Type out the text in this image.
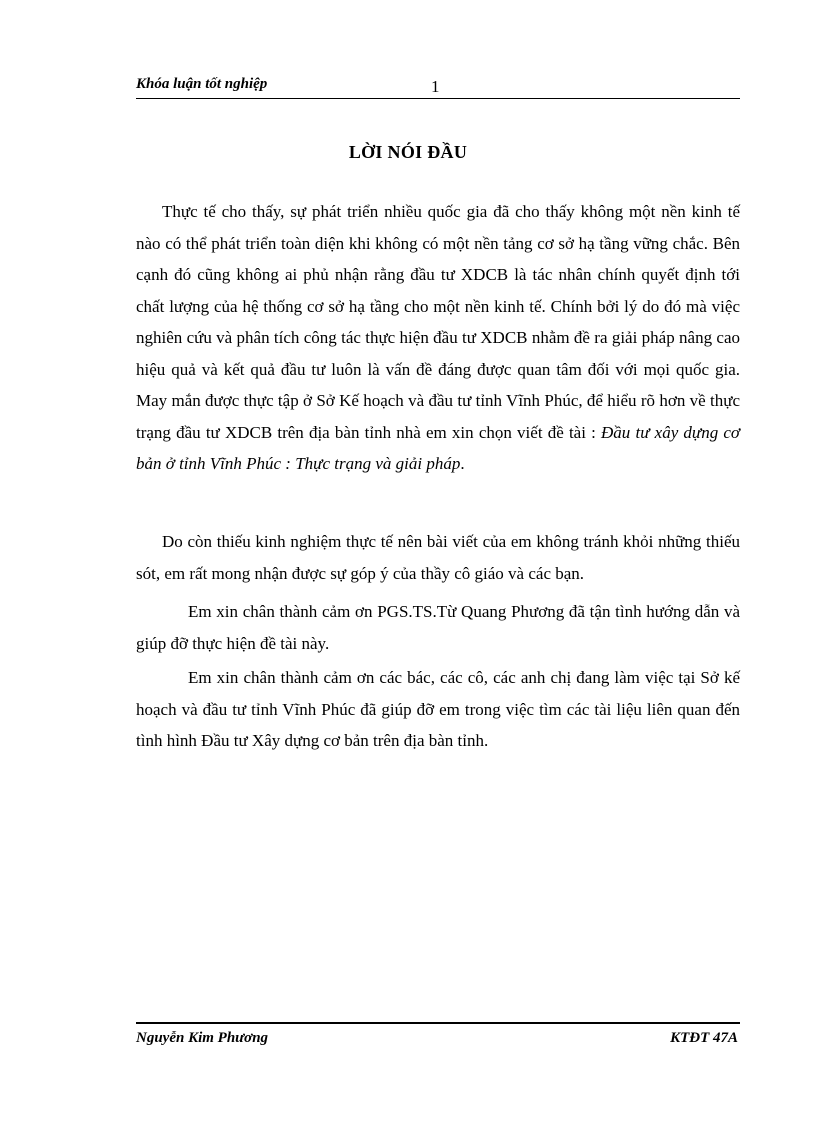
Khóa luận tốt nghiệp	1
LỜI NÓI ĐẦU

Thực tế cho thấy, sự phát triển nhiều quốc gia đã cho thấy không một nền kinh tế nào có thể phát triển toàn diện khi không có một nền tảng cơ sở hạ tầng vững chắc. Bên cạnh đó cũng không ai phủ nhận rằng đầu tư XDCB là tác nhân chính quyết định tới chất lượng của hệ thống cơ sở hạ tầng cho một nền kinh tế. Chính bởi lý do đó mà việc nghiên cứu và phân tích công tác thực hiện đầu tư XDCB nhằm đề ra giải pháp nâng cao hiệu quả và kết quả đầu tư luôn là vấn đề đáng được quan tâm đối với mọi quốc gia. May mắn được thực tập ở Sở Kế hoạch và đầu tư tỉnh Vĩnh Phúc, để hiểu rõ hơn về thực trạng đầu tư XDCB trên địa bàn tỉnh nhà em xin chọn viết đề tài : Đầu tư xây dựng cơ bản ở tỉnh Vĩnh Phúc : Thực trạng và giải pháp.

Do còn thiếu kinh nghiệm thực tế nên bài viết của em không tránh khỏi những thiếu sót, em rất mong nhận được sự góp ý của thầy cô giáo và các bạn.

Em xin chân thành cảm ơn PGS.TS.Từ Quang Phương đã tận tình hướng dẫn và giúp đỡ thực hiện đề tài này.

Em xin chân thành cảm ơn các bác, các cô, các anh chị đang làm việc tại Sở kế hoạch và đầu tư tỉnh Vĩnh Phúc đã giúp đỡ em trong việc tìm các tài liệu liên quan đến tình hình Đầu tư Xây dựng cơ bản trên địa bàn tỉnh.

Nguyễn Kim Phương	KTĐT 47A
